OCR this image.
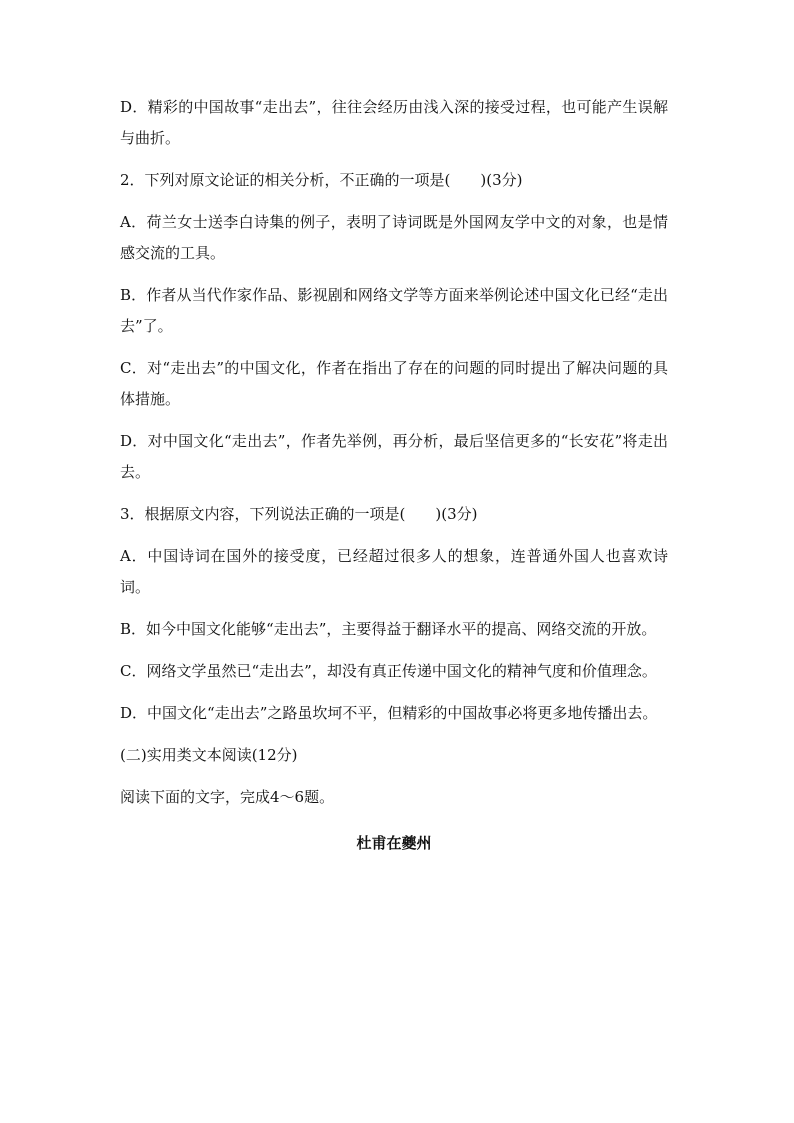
D．精彩的中国故事“走出去”，往往会经历由浅入深的接受过程，也可能产生误解与曲折。

2．下列对原文论证的相关分析，不正确的一项是(　　)(3分)

A．荷兰女士送李白诗集的例子，表明了诗词既是外国网友学中文的对象，也是情感交流的工具。

B．作者从当代作家作品、影视剧和网络文学等方面来举例论述中国文化已经“走出去”了。

C．对“走出去”的中国文化，作者在指出了存在的问题的同时提出了解决问题的具体措施。

D．对中国文化“走出去”，作者先举例，再分析，最后坚信更多的“长安花”将走出去。

3．根据原文内容，下列说法正确的一项是(　　)(3分)

A．中国诗词在国外的接受度，已经超过很多人的想象，连普通外国人也喜欢诗词。

B．如今中国文化能够“走出去”，主要得益于翻译水平的提高、网络交流的开放。

C．网络文学虽然已“走出去”，却没有真正传递中国文化的精神气度和价值理念。

D．中国文化“走出去”之路虽坎坷不平，但精彩的中国故事必将更多地传播出去。

(二)实用类文本阅读(12分)

阅读下面的文字，完成4～6题。

杜甫在夔州
